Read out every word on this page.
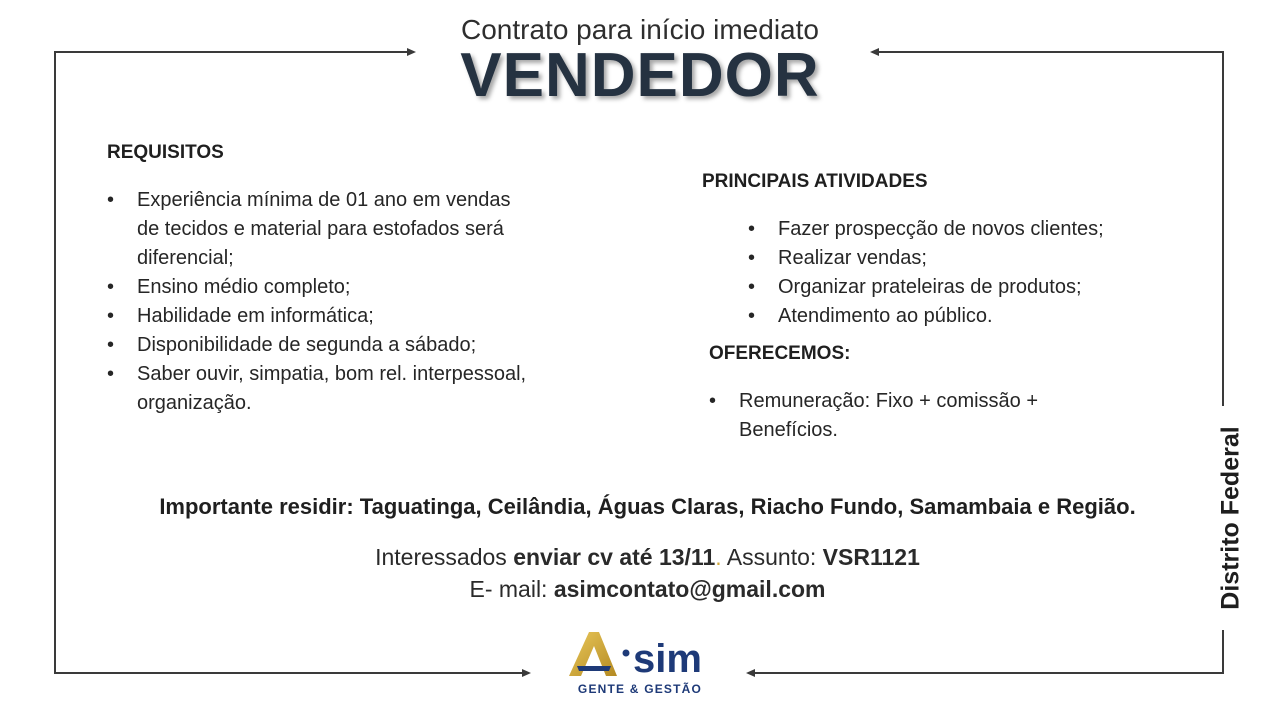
Contrato para início imediato
VENDEDOR
REQUISITOS
• Experiência mínima de 01 ano em vendas de tecidos e material para estofados será diferencial;
• Ensino médio completo;
• Habilidade em informática;
• Disponibilidade de segunda a sábado;
• Saber ouvir, simpatia, bom rel. interpessoal, organização.
PRINCIPAIS ATIVIDADES
• Fazer prospecção de novos clientes;
• Realizar vendas;
• Organizar prateleiras de produtos;
• Atendimento ao público.
OFERECEMOS:
• Remuneração: Fixo + comissão + Benefícios.
Importante residir: Taguatinga, Ceilândia, Águas Claras, Riacho Fundo, Samambaia e Região.
Interessados enviar cv até 13/11. Assunto: VSR1121
E- mail: asimcontato@gmail.com	Distrito Federal
sim
GENTE & GESTÃO
